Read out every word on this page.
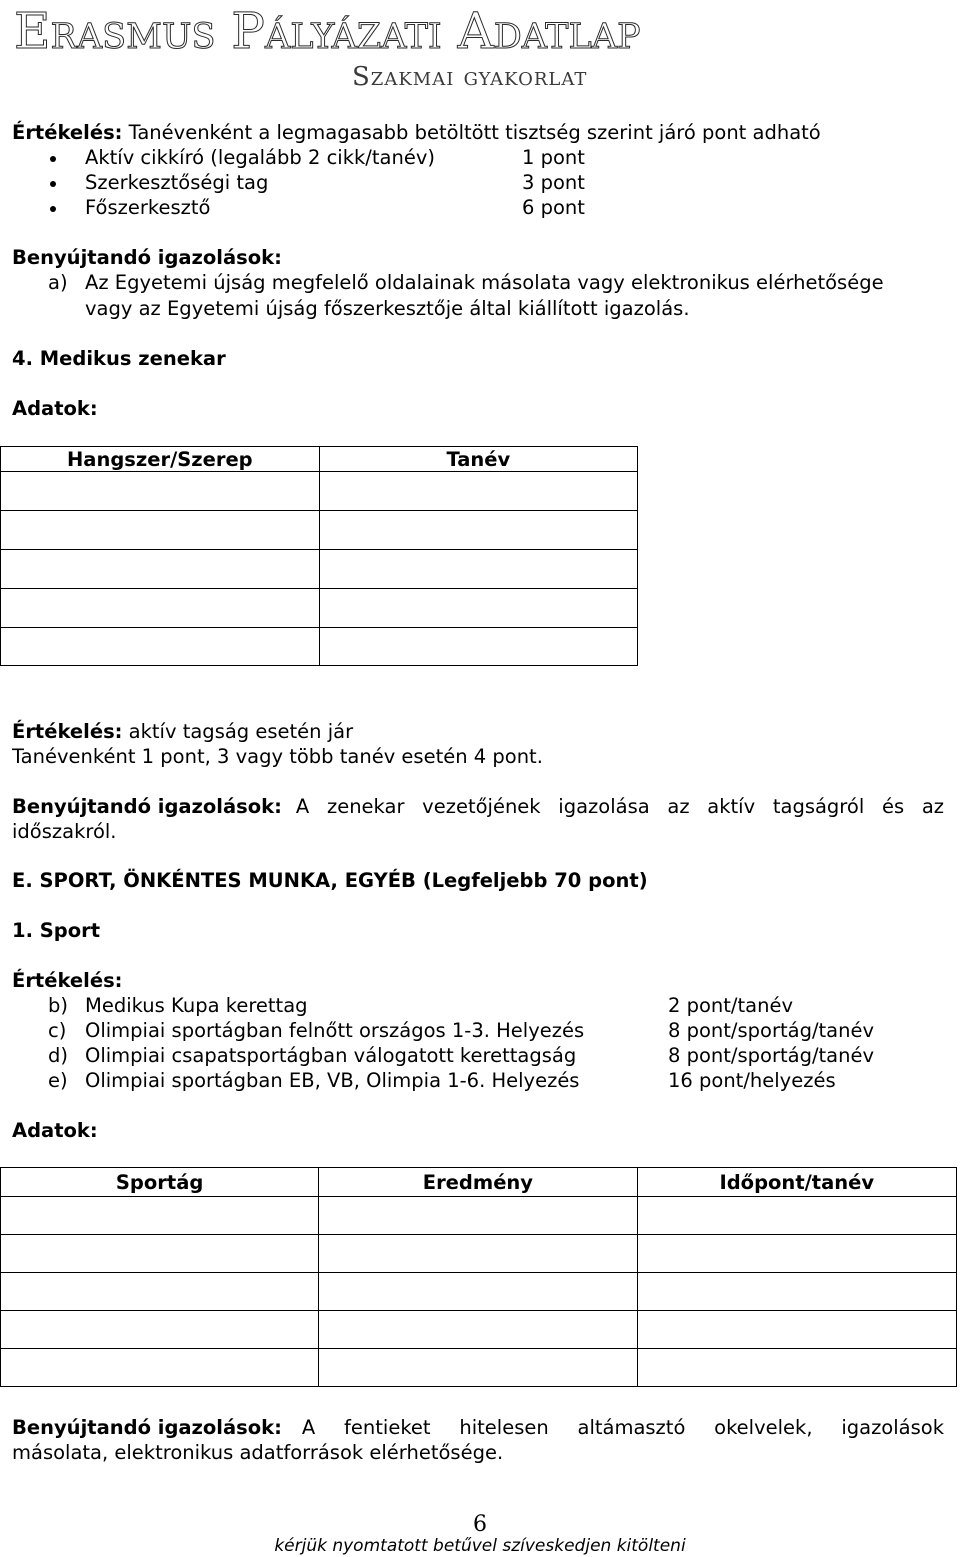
Erasmus Pályázati Adatlap
Szakmai gyakorlat
Értékelés: Tanévenként a legmagasabb betöltött tisztség szerint járó pont adható
Aktív cikkíró (legalább 2 cikk/tanév)	1 pont
Szerkesztőségi tag	3 pont
Főszerkesztő	6 pont
Benyújtandó igazolások:
a) Az Egyetemi újság megfelelő oldalainak másolata vagy elektronikus elérhetősége
vagy az Egyetemi újság főszerkesztője által kiállított igazolás.
4. Medikus zenekar
Adatok:
Hangszer/Szerep	Tanév

Értékelés: aktív tagság esetén jár
Tanévenként 1 pont, 3 vagy több tanév esetén 4 pont.
Benyújtandó igazolások: A zenekar vezetőjének igazolása az aktív tagságról és az
időszakról.
E. SPORT, ÖNKÉNTES MUNKA, EGYÉB (Legfeljebb 70 pont)
1. Sport
Értékelés:
b) Medikus Kupa kerettag	2 pont/tanév
c) Olimpiai sportágban felnőtt országos 1-3. Helyezés	8 pont/sportág/tanév
d) Olimpiai csapatsportágban válogatott kerettagság	8 pont/sportág/tanév
e) Olimpiai sportágban EB, VB, Olimpia 1-6. Helyezés	16 pont/helyezés
Adatok:
Sportág	Eredmény	Időpont/tanév

Benyújtandó igazolások: A fentieket hitelesen altámasztó okelvelek, igazolások
másolata, elektronikus adatforrások elérhetősége.
6
kérjük nyomtatott betűvel szíveskedjen kitölteni
